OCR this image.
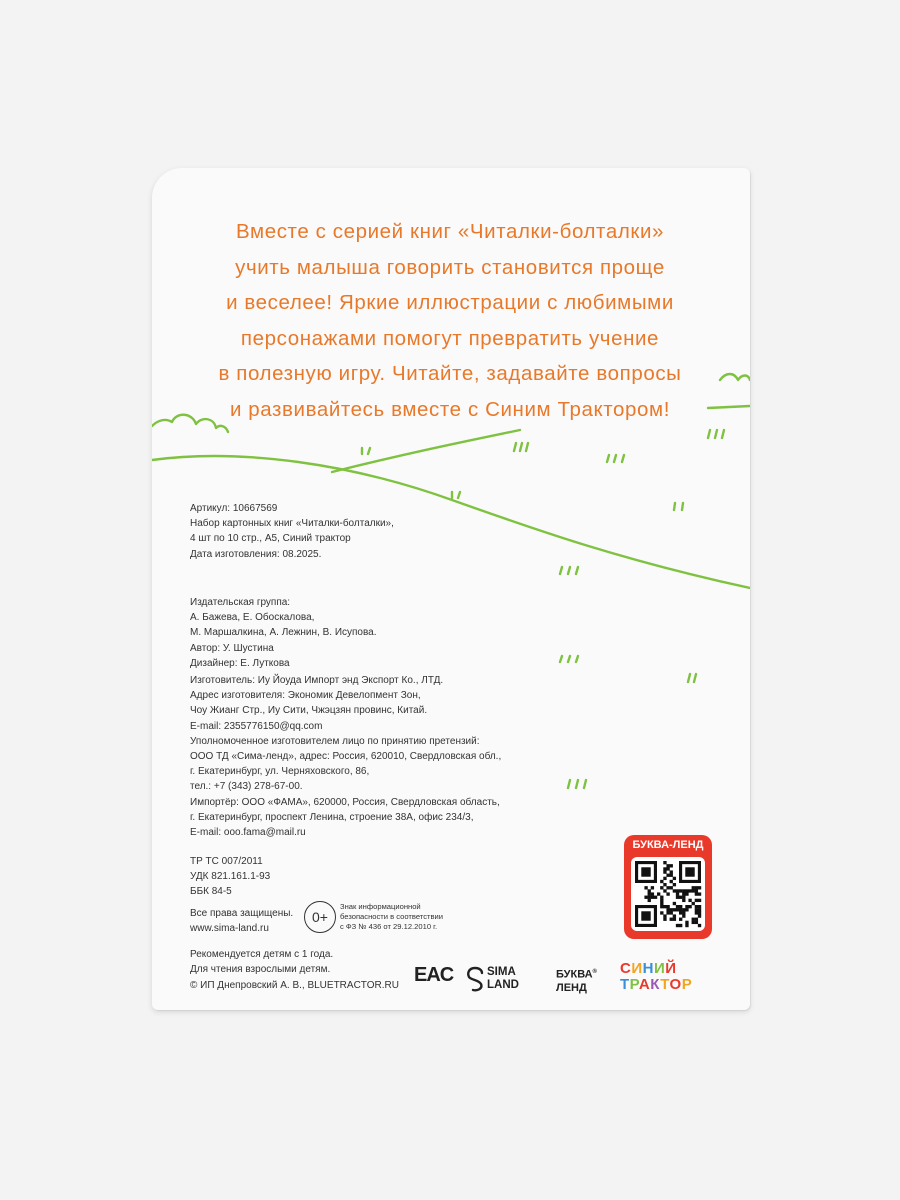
Вместе с серией книг «Читалки-болталки»
учить малыша говорить становится проще
и веселее! Яркие иллюстрации с любимыми
персонажами помогут превратить учение
в полезную игру. Читайте, задавайте вопросы
и развивайтесь вместе с Синим Трактором!
Артикул: 10667569
Набор картонных книг «Читалки-болталки»,
4 шт по 10 стр., А5, Синий трактор
Дата изготовления: 08.2025.
Издательская группа:
А. Бажева, Е. Обоскалова,
М. Маршалкина, А. Лежнин, В. Исупова.
Автор: У. Шустина
Дизайнер: Е. Луткова
Изготовитель: Иу Йоуда Импорт энд Экспорт Ко., ЛТД.
Адрес изготовителя: Экономик Девелопмент Зон,
Чоу Жианг Стр., Иу Сити, Чжэцзян провинс, Китай.
E-mail: 2355776150@qq.com
Уполномоченное изготовителем лицо по принятию претензий:
ООО ТД «Сима-ленд», адрес: Россия, 620010, Свердловская обл.,
г. Екатеринбург, ул. Черняховского, 86,
тел.: +7 (343) 278-67-00.
Импортёр: ООО «ФАМА», 620000, Россия, Свердловская область,
г. Екатеринбург, проспект Ленина, строение 38А, офис 234/3,
E-mail: ooo.fama@mail.ru
ТР ТС 007/2011
УДК 821.161.1-93
ББК 84-5
Все права защищены.
www.sima-land.ru
0+
Знак информационной
безопасности в соответствии
с ФЗ № 436 от 29.12.2010 г.
Рекомендуется детям с 1 года.
Для чтения взрослыми детям.
© ИП Днепровский А. В., BLUETRACTOR.RU
БУКВА-ЛЕНД
EAC	SIMA
LAND
БУКВА®
ЛЕНД
СИНИЙ
ТРАКТОР
